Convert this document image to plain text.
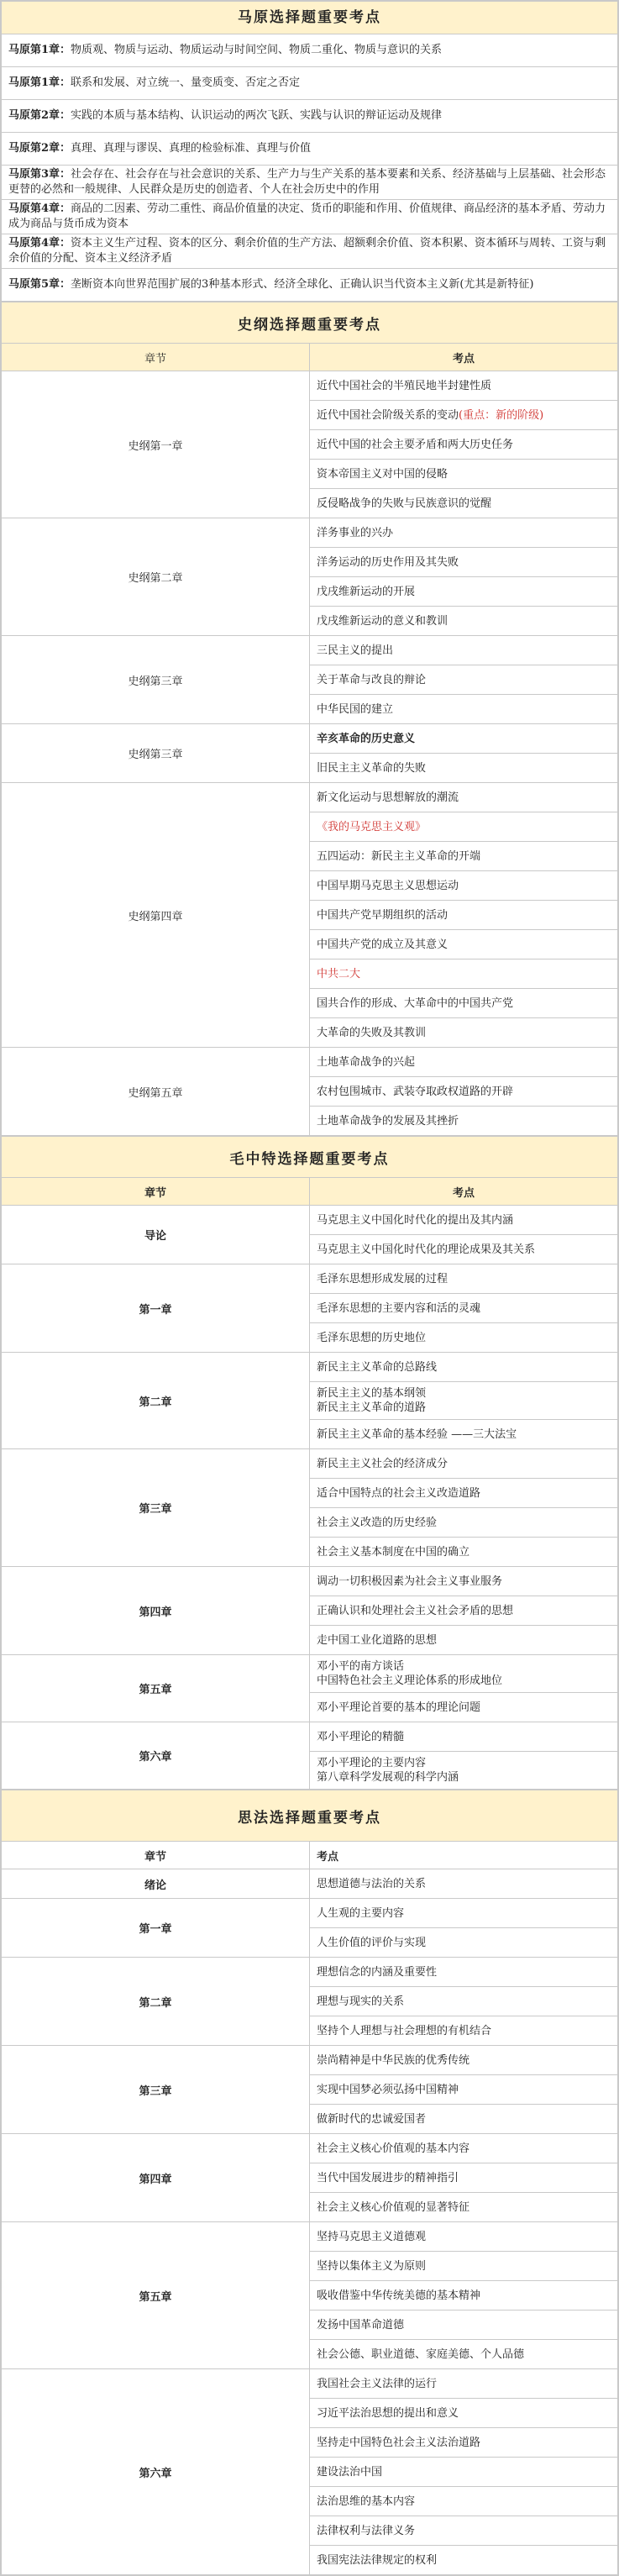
马原选择题重要考点
马原第1章：物质观、物质与运动、物质运动与时间空间、物质二重化、物质与意识的关系
马原第1章：联系和发展、对立统一、量变质变、否定之否定
马原第2章：实践的本质与基本结构、认识运动的两次飞跃、实践与认识的辩证运动及规律
马原第2章：真理、真理与谬误、真理的检验标准、真理与价值
马原第3章：社会存在、社会存在与社会意识的关系、生产力与生产关系的基本要素和关系、经济基础与上层基础、社会形态更替的必然和一般规律、人民群众是历史的创造者、个人在社会历史中的作用
马原第4章：商品的二因素、劳动二重性、商品价值量的决定、货币的职能和作用、价值规律、商品经济的基本矛盾、劳动力成为商品与货币成为资本
马原第4章：资本主义生产过程、资本的区分、剩余价值的生产方法、超额剩余价值、资本积累、资本循环与周转、工资与剩余价值的分配、资本主义经济矛盾
马原第5章：垄断资本向世界范围扩展的3种基本形式、经济全球化、正确认识当代资本主义新(尤其是新特征)
史纲选择题重要考点	
章节	考点
史纲第一章	近代中国社会的半殖民地半封建性质
	近代中国社会阶级关系的变动(重点：新的阶级)
	近代中国的社会主要矛盾和两大历史任务
	资本帝国主义对中国的侵略
	反侵略战争的失败与民族意识的觉醒
史纲第二章	洋务事业的兴办
	洋务运动的历史作用及其失败
	戊戌维新运动的开展
	戊戌维新运动的意义和教训
史纲第三章	三民主义的提出
	关于革命与改良的辩论
	中华民国的建立
史纲第三章	辛亥革命的历史意义
	旧民主主义革命的失败
史纲第四章	新文化运动与思想解放的潮流
	《我的马克思主义观》
	五四运动：新民主主义革命的开端
	中国早期马克思主义思想运动
	中国共产党早期组织的活动
	中国共产党的成立及其意义
	中共二大
	国共合作的形成、大革命中的中国共产党
	大革命的失败及其教训
史纲第五章	土地革命战争的兴起
	农村包围城市、武装夺取政权道路的开辟
	土地革命战争的发展及其挫折
毛中特选择题重要考点	
章节	考点
导论	马克思主义中国化时代化的提出及其内涵

	马克思主义中国化时代化的理论成果及其关系

第一章	毛泽东思想形成发展的过程

	毛泽东思想的主要内容和活的灵魂

	毛泽东思想的历史地位

第二章	新民主主义革命的总路线

	新民主主义的基本纲领
新民主主义革命的道路

	新民主主义革命的基本经验 ——三大法宝

第三章	新民主主义社会的经济成分

	适合中国特点的社会主义改造道路

	社会主义改造的历史经验

	社会主义基本制度在中国的确立

第四章	调动一切积极因素为社会主义事业服务

	正确认识和处理社会主义社会矛盾的思想

	走中国工业化道路的思想

第五章	邓小平的南方谈话
中国特色社会主义理论体系的形成地位

	邓小平理论首要的基本的理论问题

第六章	邓小平理论的精髓

	邓小平理论的主要内容
第八章科学发展观的科学内涵
思法选择题重要考点	
章节	考点
绪论	思想道德与法治的关系
第一章	人生观的主要内容
	人生价值的评价与实现
第二章	理想信念的内涵及重要性
	理想与现实的关系
	坚持个人理想与社会理想的有机结合
第三章	崇尚精神是中华民族的优秀传统
	实现中国梦必须弘扬中国精神
	做新时代的忠诚爱国者
第四章	社会主义核心价值观的基本内容
	当代中国发展进步的精神指引
	社会主义核心价值观的显著特征
第五章	坚持马克思主义道德观
	坚持以集体主义为原则
	吸收借鉴中华传统美德的基本精神
	发扬中国革命道德
	社会公德、职业道德、家庭美德、个人品德
第六章	我国社会主义法律的运行
	习近平法治思想的提出和意义
	坚持走中国特色社会主义法治道路
	建设法治中国
	法治思维的基本内容
	法律权利与法律义务
	我国宪法法律规定的权利
